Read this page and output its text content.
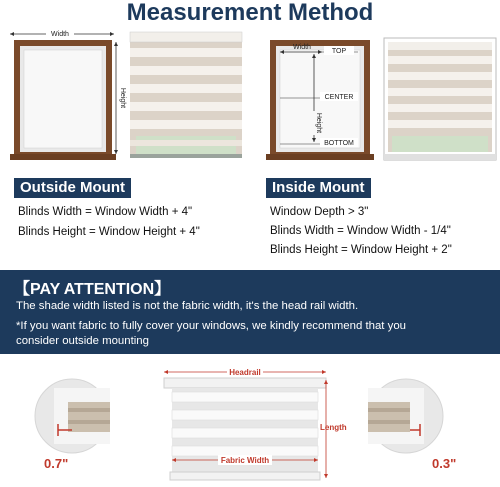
Measurement Method
Width
Height
Width
TOP
CENTER
BOTTOM
Height
Outside Mount	Inside Mount
Blinds Width = Window Width + 4"
Blinds Height = Window Height + 4"
Window Depth > 3"
Blinds Width = Window Width - 1/4"
Blinds Height = Window Height + 2"
【PAY ATTENTION】
The shade width listed is not the fabric width, it's the head rail width.
*If you want fabric to fully cover your windows, we kindly recommend that you
consider outside mounting
0.7"	0.3"
Headrail
Length
Fabric Width
